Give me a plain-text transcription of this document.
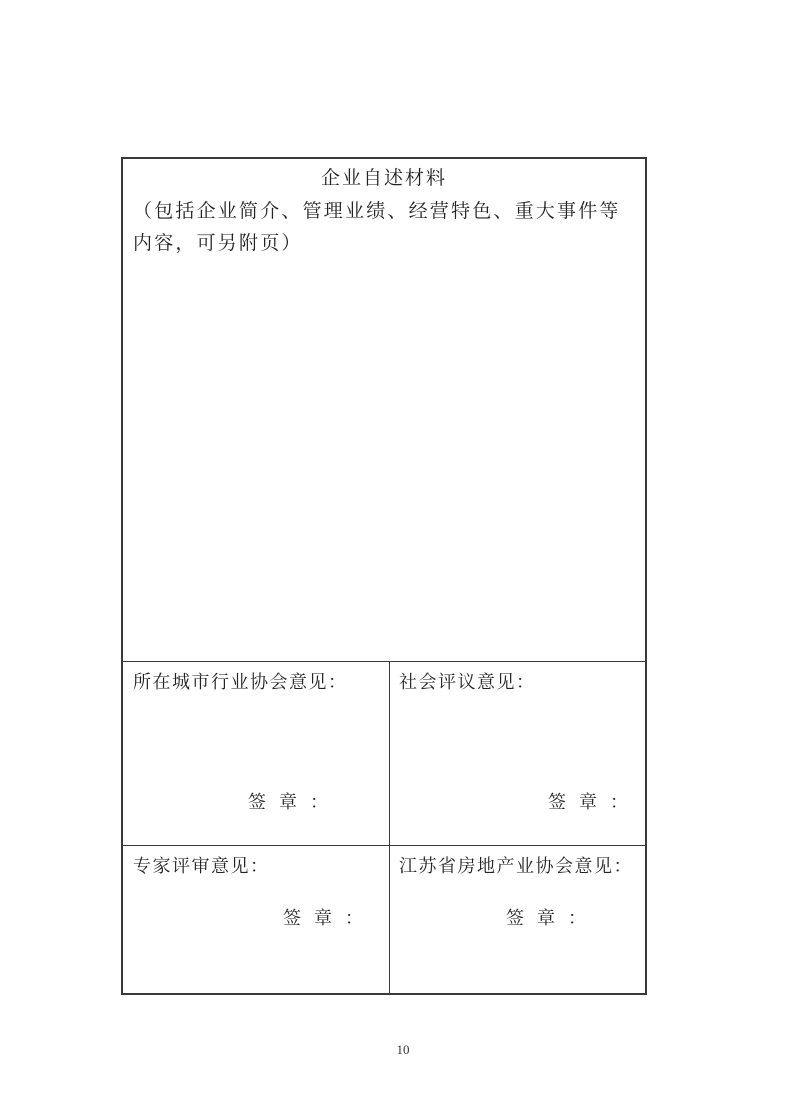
企业自述材料
（包括企业简介、管理业绩、经营特色、重大事件等内容，可另附页）
所在城市行业协会意见：
签章：
社会评议意见：
签章：
专家评审意见：
签章：
江苏省房地产业协会意见：
签章：
10
